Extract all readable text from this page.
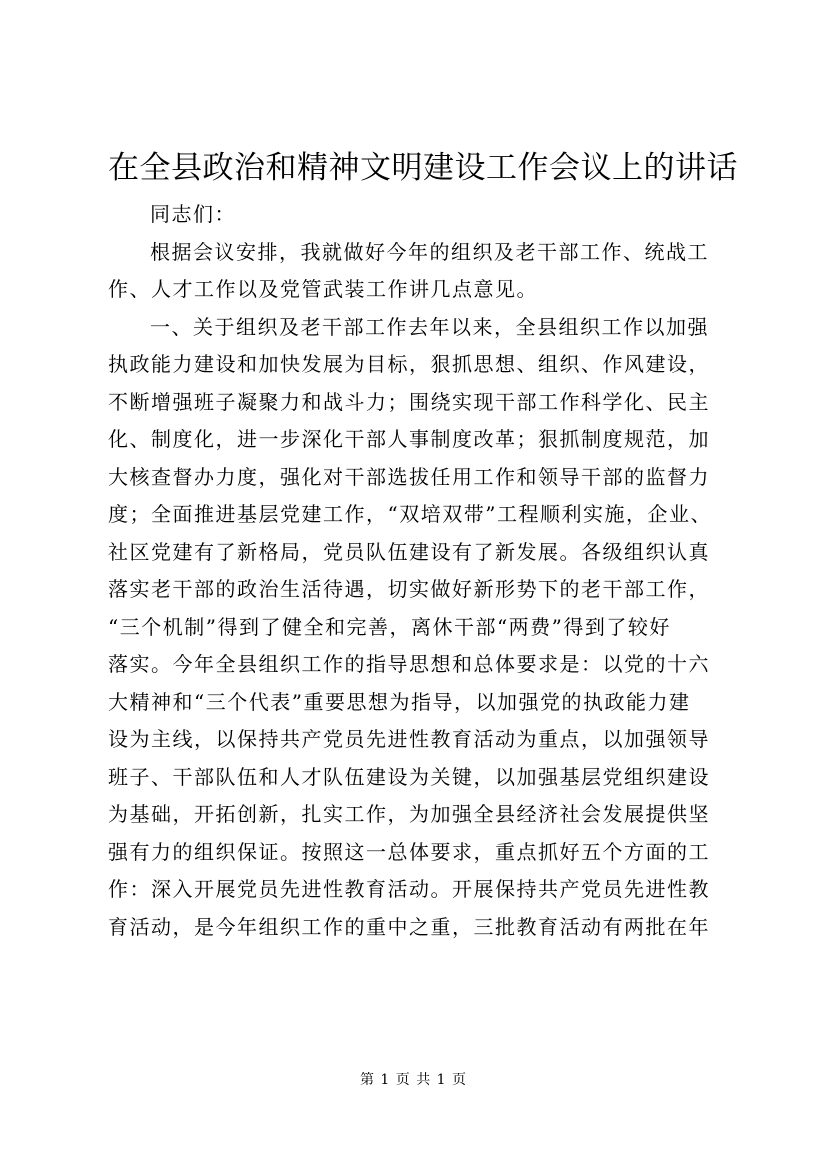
在全县政治和精神文明建设工作会议上的讲话
同志们：
根据会议安排，我就做好今年的组织及老干部工作、统战工
作、人才工作以及党管武装工作讲几点意见。
一、关于组织及老干部工作去年以来，全县组织工作以加强
执政能力建设和加快发展为目标，狠抓思想、组织、作风建设，
不断增强班子凝聚力和战斗力；围绕实现干部工作科学化、民主
化、制度化，进一步深化干部人事制度改革；狠抓制度规范，加
大核查督办力度，强化对干部选拔任用工作和领导干部的监督力
度；全面推进基层党建工作，“双培双带”工程顺利实施，企业、
社区党建有了新格局，党员队伍建设有了新发展。各级组织认真
落实老干部的政治生活待遇，切实做好新形势下的老干部工作，
“三个机制”得到了健全和完善，离休干部“两费”得到了较好
落实。今年全县组织工作的指导思想和总体要求是：以党的十六
大精神和“三个代表”重要思想为指导，以加强党的执政能力建
设为主线，以保持共产党员先进性教育活动为重点，以加强领导
班子、干部队伍和人才队伍建设为关键，以加强基层党组织建设
为基础，开拓创新，扎实工作，为加强全县经济社会发展提供坚
强有力的组织保证。按照这一总体要求，重点抓好五个方面的工
作：深入开展党员先进性教育活动。开展保持共产党员先进性教
育活动，是今年组织工作的重中之重，三批教育活动有两批在年
第 1 页 共 1 页
